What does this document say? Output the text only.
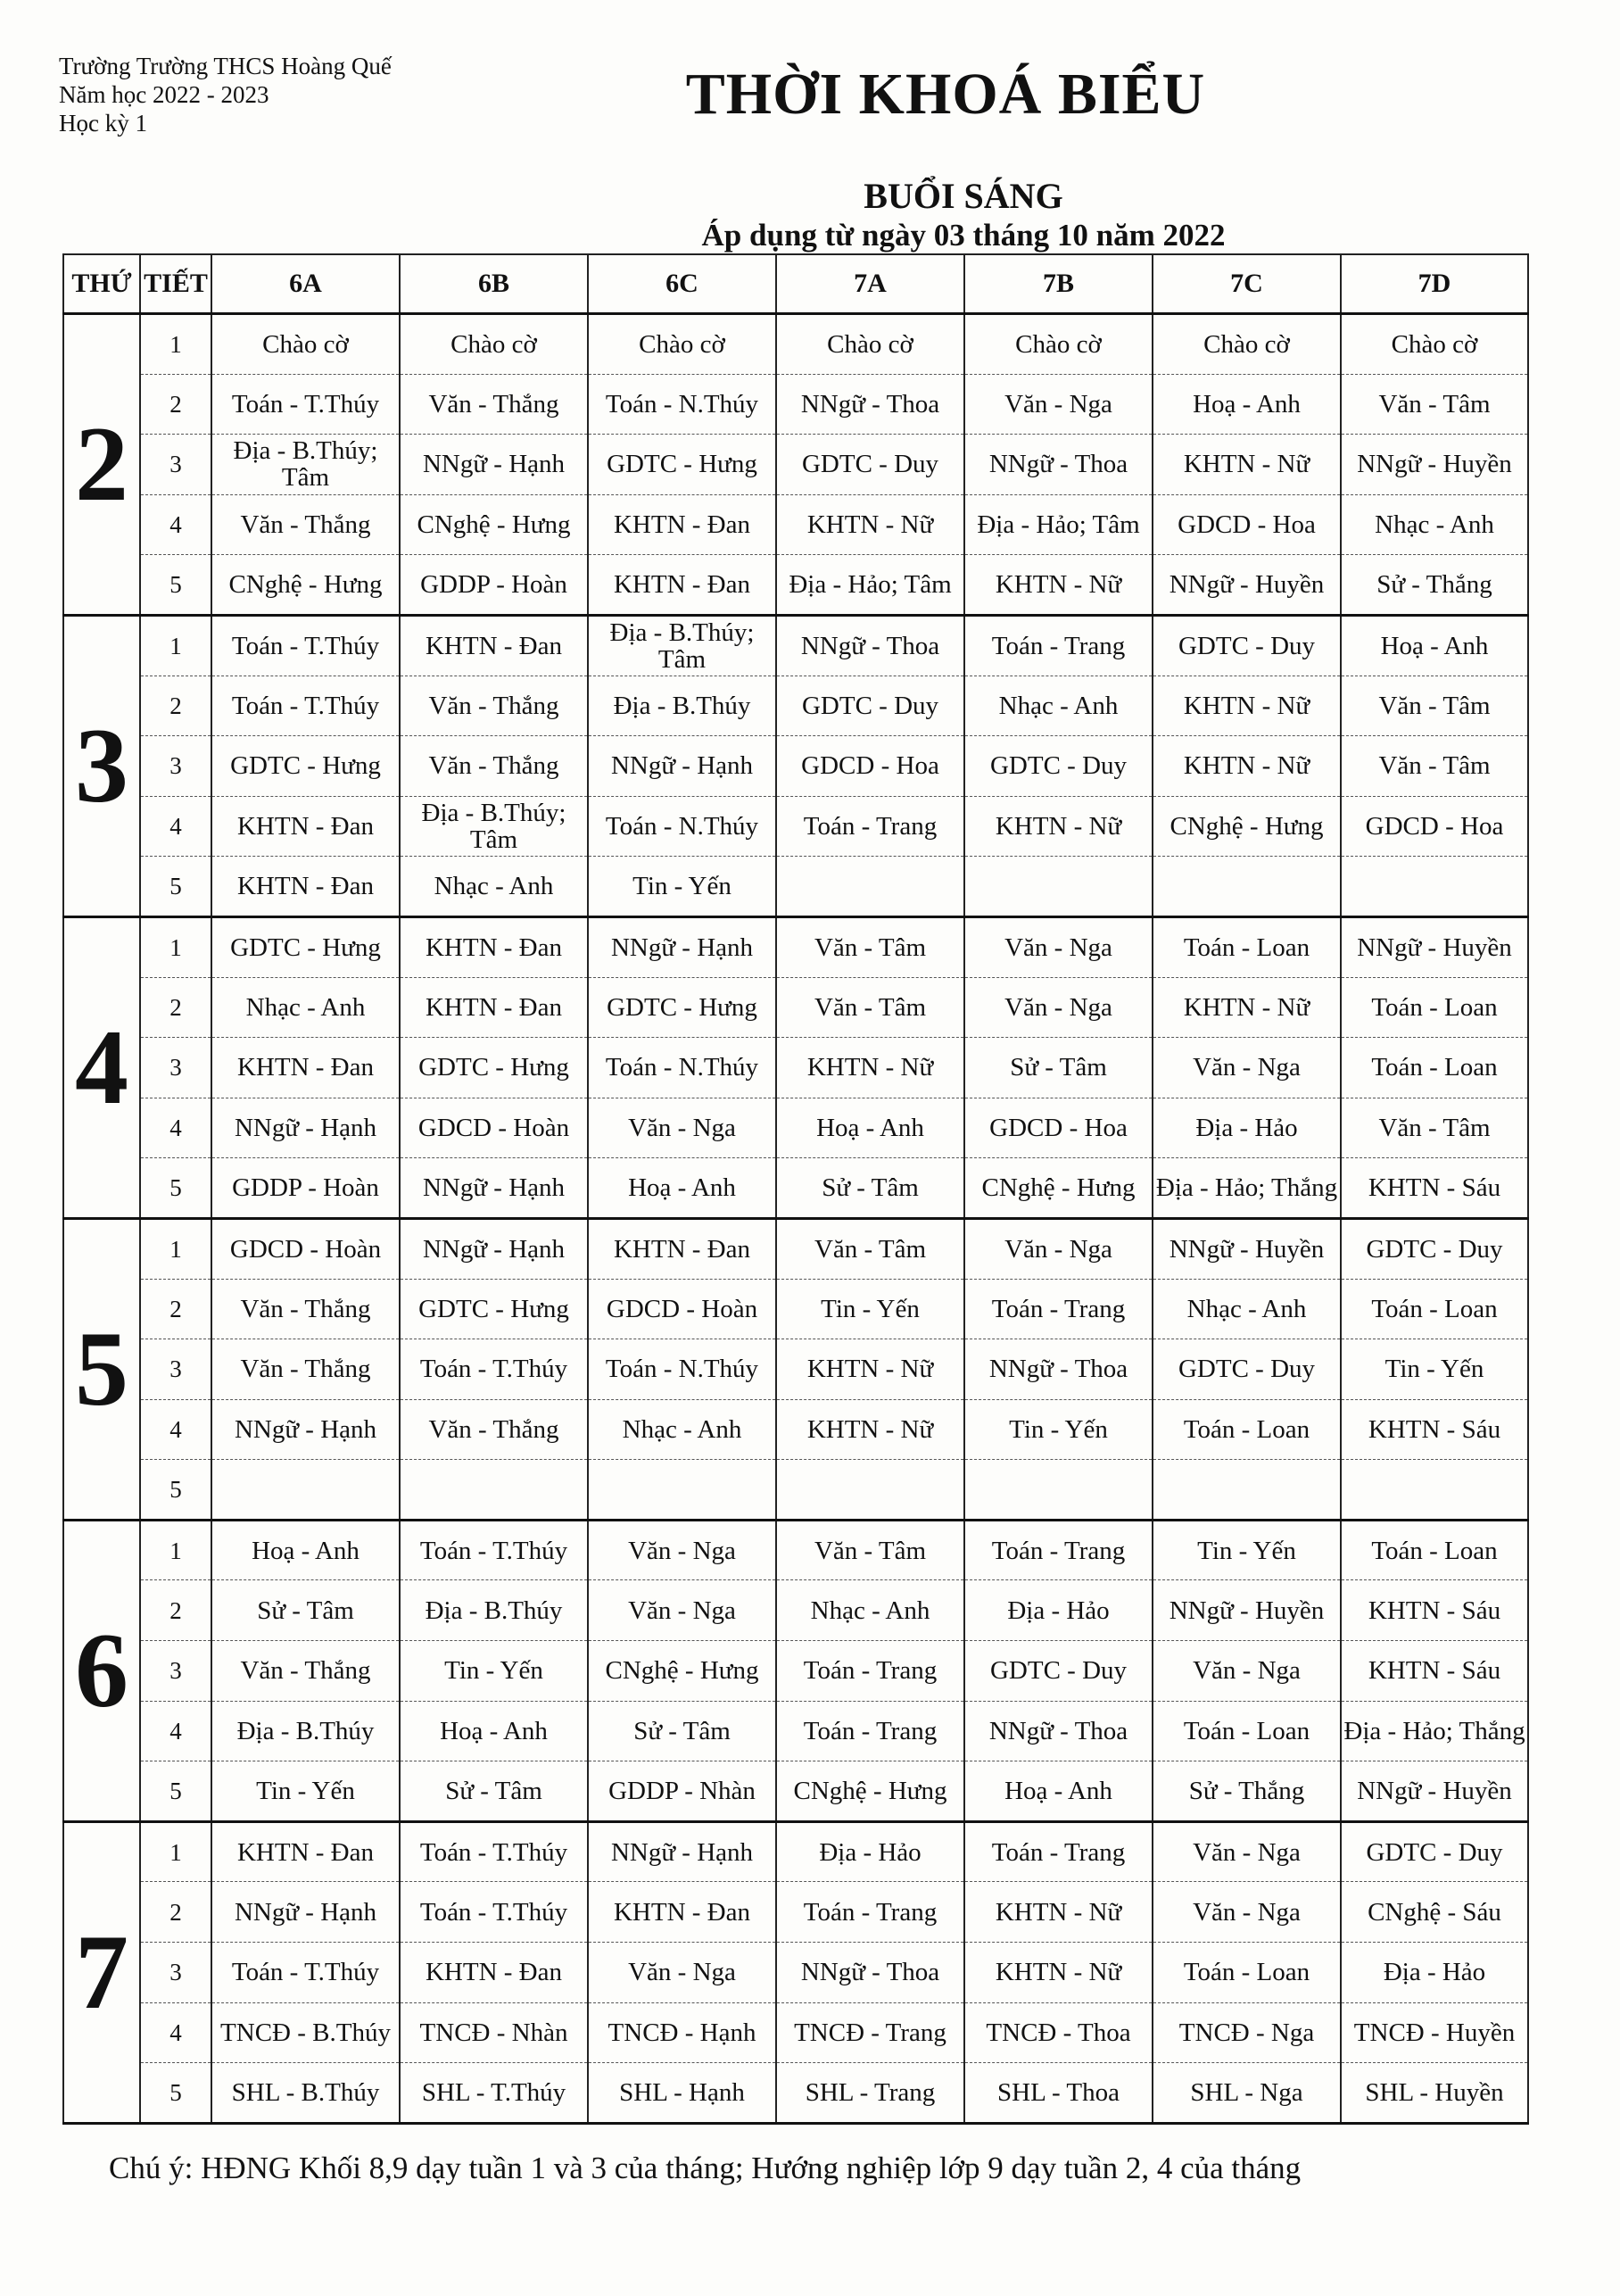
Trường Trường THCS Hoàng Quế
Năm học 2022 - 2023
Học kỳ 1	THỜI KHOÁ BIỂU
BUỔI SÁNG
Áp dụng từ ngày 03 tháng 10 năm 2022
THỨ	TIẾT	6A	6B	6C	7A	7B	7C	7D
2	1	Chào cờ	Chào cờ	Chào cờ	Chào cờ	Chào cờ	Chào cờ	Chào cờ
	2	Toán - T.Thúy	Văn - Thắng	Toán - N.Thúy	NNgữ - Thoa	Văn - Nga	Hoạ - Anh	Văn - Tâm
	3	Địa - B.Thúy; Tâm	NNgữ - Hạnh	GDTC - Hưng	GDTC - Duy	NNgữ - Thoa	KHTN - Nữ	NNgữ - Huyền
	4	Văn - Thắng	CNghệ - Hưng	KHTN - Đan	KHTN - Nữ	Địa - Hảo; Tâm	GDCD - Hoa	Nhạc - Anh
	5	CNghệ - Hưng	GDDP - Hoàn	KHTN - Đan	Địa - Hảo; Tâm	KHTN - Nữ	NNgữ - Huyền	Sử - Thắng
3	1	Toán - T.Thúy	KHTN - Đan	Địa - B.Thúy; Tâm	NNgữ - Thoa	Toán - Trang	GDTC - Duy	Hoạ - Anh
	2	Toán - T.Thúy	Văn - Thắng	Địa - B.Thúy	GDTC - Duy	Nhạc - Anh	KHTN - Nữ	Văn - Tâm
	3	GDTC - Hưng	Văn - Thắng	NNgữ - Hạnh	GDCD - Hoa	GDTC - Duy	KHTN - Nữ	Văn - Tâm
	4	KHTN - Đan	Địa - B.Thúy; Tâm	Toán - N.Thúy	Toán - Trang	KHTN - Nữ	CNghệ - Hưng	GDCD - Hoa
	5	KHTN - Đan	Nhạc - Anh	Tin - Yến				
4	1	GDTC - Hưng	KHTN - Đan	NNgữ - Hạnh	Văn - Tâm	Văn - Nga	Toán - Loan	NNgữ - Huyền
	2	Nhạc - Anh	KHTN - Đan	GDTC - Hưng	Văn - Tâm	Văn - Nga	KHTN - Nữ	Toán - Loan
	3	KHTN - Đan	GDTC - Hưng	Toán - N.Thúy	KHTN - Nữ	Sử - Tâm	Văn - Nga	Toán - Loan
	4	NNgữ - Hạnh	GDCD - Hoàn	Văn - Nga	Hoạ - Anh	GDCD - Hoa	Địa - Hảo	Văn - Tâm
	5	GDDP - Hoàn	NNgữ - Hạnh	Hoạ - Anh	Sử - Tâm	CNghệ - Hưng	Địa - Hảo; Thắng	KHTN - Sáu
5	1	GDCD - Hoàn	NNgữ - Hạnh	KHTN - Đan	Văn - Tâm	Văn - Nga	NNgữ - Huyền	GDTC - Duy
	2	Văn - Thắng	GDTC - Hưng	GDCD - Hoàn	Tin - Yến	Toán - Trang	Nhạc - Anh	Toán - Loan
	3	Văn - Thắng	Toán - T.Thúy	Toán - N.Thúy	KHTN - Nữ	NNgữ - Thoa	GDTC - Duy	Tin - Yến
	4	NNgữ - Hạnh	Văn - Thắng	Nhạc - Anh	KHTN - Nữ	Tin - Yến	Toán - Loan	KHTN - Sáu
	5							
6	1	Hoạ - Anh	Toán - T.Thúy	Văn - Nga	Văn - Tâm	Toán - Trang	Tin - Yến	Toán - Loan
	2	Sử - Tâm	Địa - B.Thúy	Văn - Nga	Nhạc - Anh	Địa - Hảo	NNgữ - Huyền	KHTN - Sáu
	3	Văn - Thắng	Tin - Yến	CNghệ - Hưng	Toán - Trang	GDTC - Duy	Văn - Nga	KHTN - Sáu
	4	Địa - B.Thúy	Hoạ - Anh	Sử - Tâm	Toán - Trang	NNgữ - Thoa	Toán - Loan	Địa - Hảo; Thắng
	5	Tin - Yến	Sử - Tâm	GDDP - Nhàn	CNghệ - Hưng	Hoạ - Anh	Sử - Thắng	NNgữ - Huyền
7	1	KHTN - Đan	Toán - T.Thúy	NNgữ - Hạnh	Địa - Hảo	Toán - Trang	Văn - Nga	GDTC - Duy
	2	NNgữ - Hạnh	Toán - T.Thúy	KHTN - Đan	Toán - Trang	KHTN - Nữ	Văn - Nga	CNghệ - Sáu
	3	Toán - T.Thúy	KHTN - Đan	Văn - Nga	NNgữ - Thoa	KHTN - Nữ	Toán - Loan	Địa - Hảo
	4	TNCĐ - B.Thúy	TNCĐ - Nhàn	TNCĐ - Hạnh	TNCĐ - Trang	TNCĐ - Thoa	TNCĐ - Nga	TNCĐ - Huyền
	5	SHL - B.Thúy	SHL - T.Thúy	SHL - Hạnh	SHL - Trang	SHL - Thoa	SHL - Nga	SHL - Huyền
Chú ý: HĐNG Khối 8,9 dạy tuần 1 và 3 của tháng; Hướng nghiệp lớp 9 dạy tuần 2, 4 của tháng
